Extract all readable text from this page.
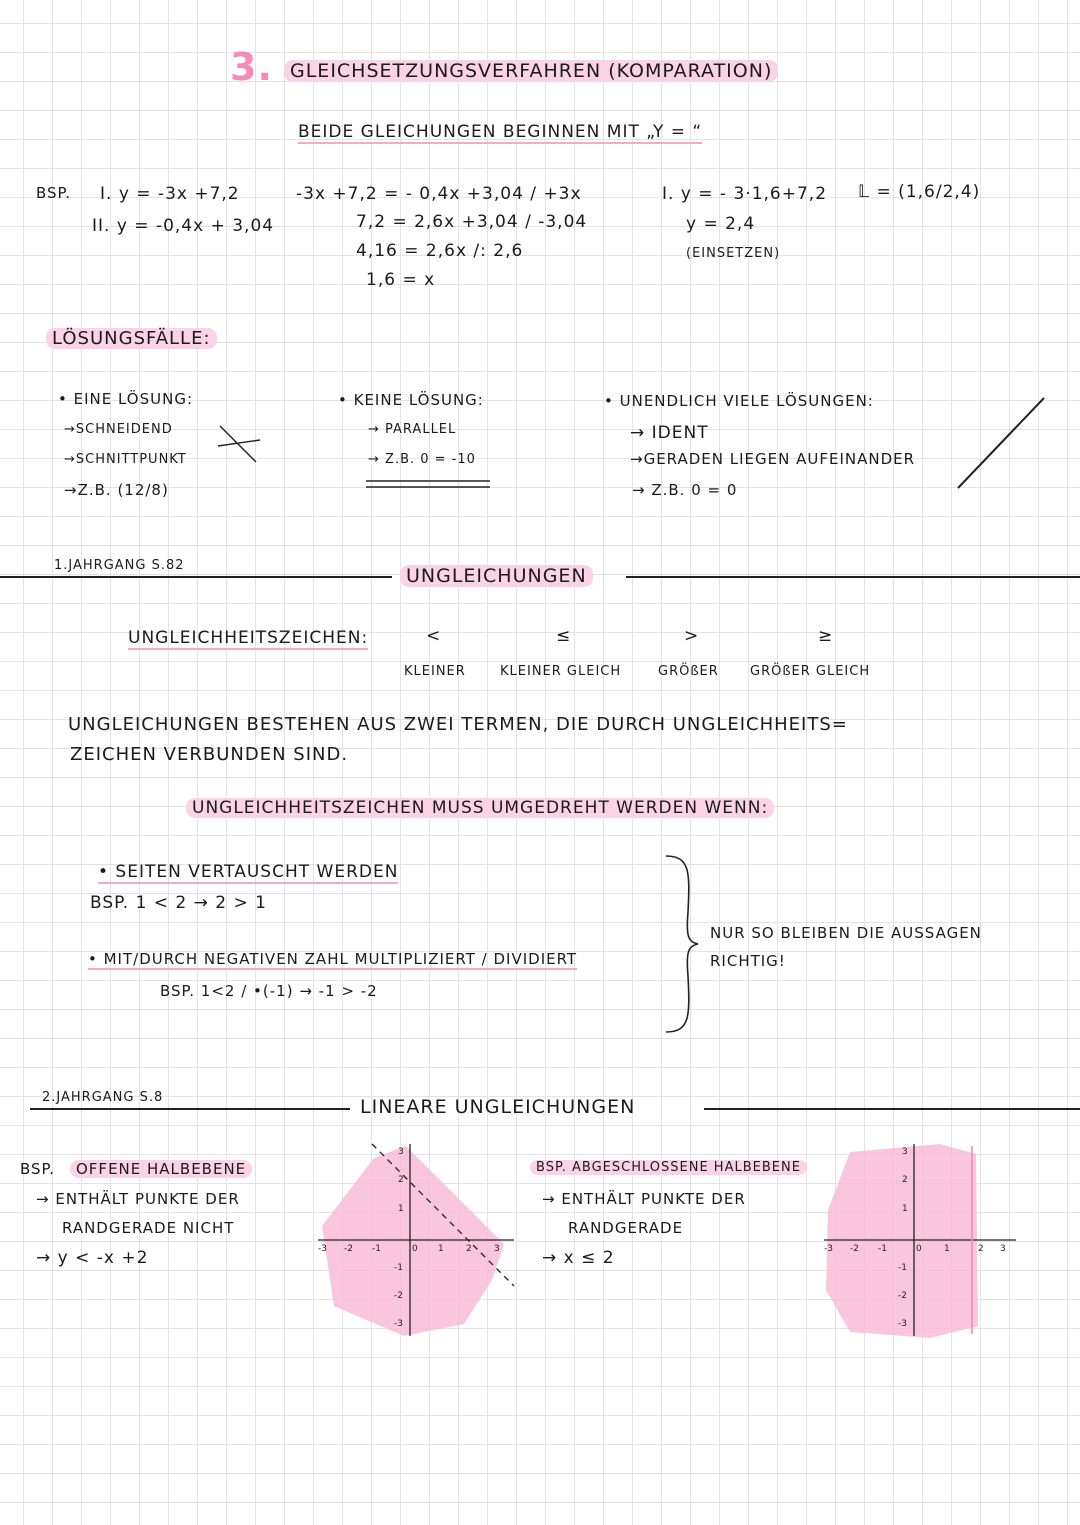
3. GLEICHSETZUNGSVERFAHREN (KOMPARATION)
BEIDE GLEICHUNGEN BEGINNEN MIT „Y = “
BSP. I. y = -3x +7,2
II. y = -0,4x + 3,04
-3x +7,2 = - 0,4x +3,04 / +3x
7,2 = 2,6x +3,04 / -3,04
4,16 = 2,6x /: 2,6
1,6 = x
I. y = - 3·1,6+7,2
y = 2,4
(EINSETZEN)
𝕃 = (1,6/2,4)
LÖSUNGSFÄLLE:
• EINE LÖSUNG:
→SCHNEIDEND
→SCHNITTPUNKT
→Z.B. (12/8)
• KEINE LÖSUNG:
→ PARALLEL
→ Z.B. 0 = -10
• UNENDLICH VIELE LÖSUNGEN:
→ IDENT
→GERADEN LIEGEN AUFEINANDER
→ Z.B. 0 = 0
1.JAHRGANG S.82	UNGLEICHUNGEN
UNGLEICHHEITSZEICHEN:	<
KLEINER
≤
KLEINER GLEICH
>
GRÖßER
≥
GRÖßER GLEICH
UNGLEICHUNGEN BESTEHEN AUS ZWEI TERMEN, DIE DURCH UNGLEICHHEITS=
ZEICHEN VERBUNDEN SIND.
UNGLEICHHEITSZEICHEN MUSS UMGEDREHT WERDEN WENN:
• SEITEN VERTAUSCHT WERDEN
BSP. 1 < 2 → 2 > 1
• MIT/DURCH NEGATIVEN ZAHL MULTIPLIZIERT / DIVIDIERT
BSP. 1<2 / •(-1) → -1 > -2
NUR SO BLEIBEN DIE AUSSAGEN
RICHTIG!
2.JAHRGANG S.8	LINEARE UNGLEICHUNGEN
BSP.	OFFENE HALBEBENE
→ ENTHÄLT PUNKTE DER
RANDGERADE NICHT
→ y < -x +2
BSP. ABGESCHLOSSENE HALBEBENE
→ ENTHÄLT PUNKTE DER
RANDGERADE
→ x ≤ 2
-3 -2 -1	0 1 2 3
3
2
1
-1
-2
-3
-3 -2 -1	0 1	2 3
3
2
1
-1
-2
-3
